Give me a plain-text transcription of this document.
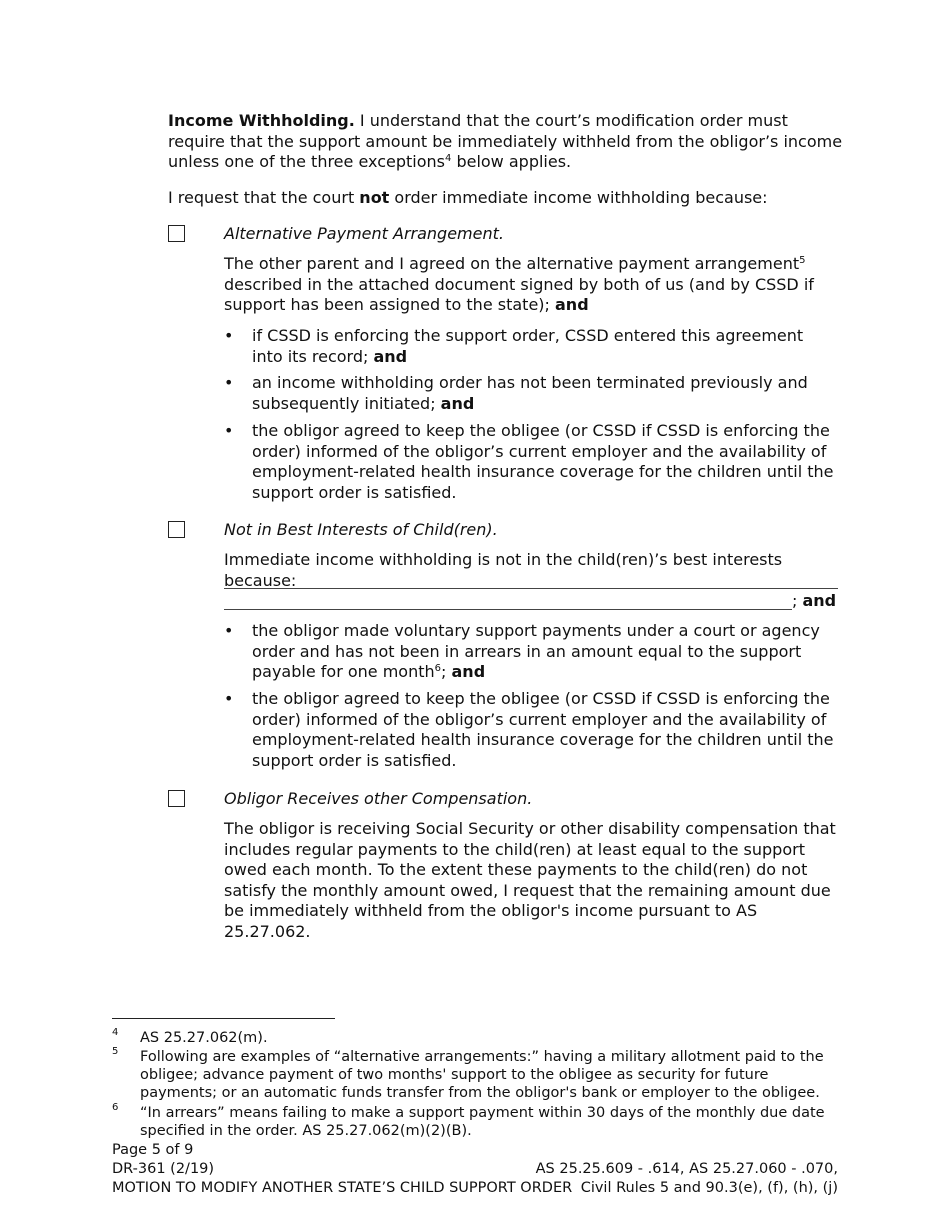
Income Withholding. I understand that the court’s modification order must require that the support amount be immediately withheld from the obligor’s income unless one of the three exceptions$^4$ below applies.
I request that the court not order immediate income withholding because:
Alternative Payment Arrangement.
The other parent and I agreed on the alternative payment arrangement$^5$ described in the attached document signed by both of us (and by CSSD if support has been assigned to the state); and
• if CSSD is enforcing the support order, CSSD entered this agreement into its record; and
• an income withholding order has not been terminated previously and subsequently initiated; and
• the obligor agreed to keep the obligee (or CSSD if CSSD is enforcing the order) informed of the obligor’s current employer and the availability of employment-related health insurance coverage for the children until the support order is satisfied.
Not in Best Interests of Child(ren).
Immediate income withholding is not in the child(ren)’s best interests because:
; and
• the obligor made voluntary support payments under a court or agency order and has not been in arrears in an amount equal to the support payable for one month$^6$; and
• the obligor agreed to keep the obligee (or CSSD if CSSD is enforcing the order) informed of the obligor’s current employer and the availability of employment-related health insurance coverage for the children until the support order is satisfied.
Obligor Receives other Compensation.
The obligor is receiving Social Security or other disability compensation that includes regular payments to the child(ren) at least equal to the support owed each month. To the extent these payments to the child(ren) do not satisfy the monthly amount owed, I request that the remaining amount due be immediately withheld from the obligor's income pursuant to AS 25.27.062.
4 AS 25.27.062(m).
5 Following are examples of “alternative arrangements:” having a military allotment paid to the obligee; advance payment of two months' support to the obligee as security for future payments; or an automatic funds transfer from the obligor's bank or employer to the obligee.
6 “In arrears” means failing to make a support payment within 30 days of the monthly due date specified in the order. AS 25.27.062(m)(2)(B).
Page 5 of 9
DR-361 (2/19)
MOTION TO MODIFY ANOTHER STATE’S CHILD SUPPORT ORDER
AS 25.25.609 - .614, AS 25.27.060 - .070,
Civil Rules 5 and 90.3(e), (f), (h), (j)
